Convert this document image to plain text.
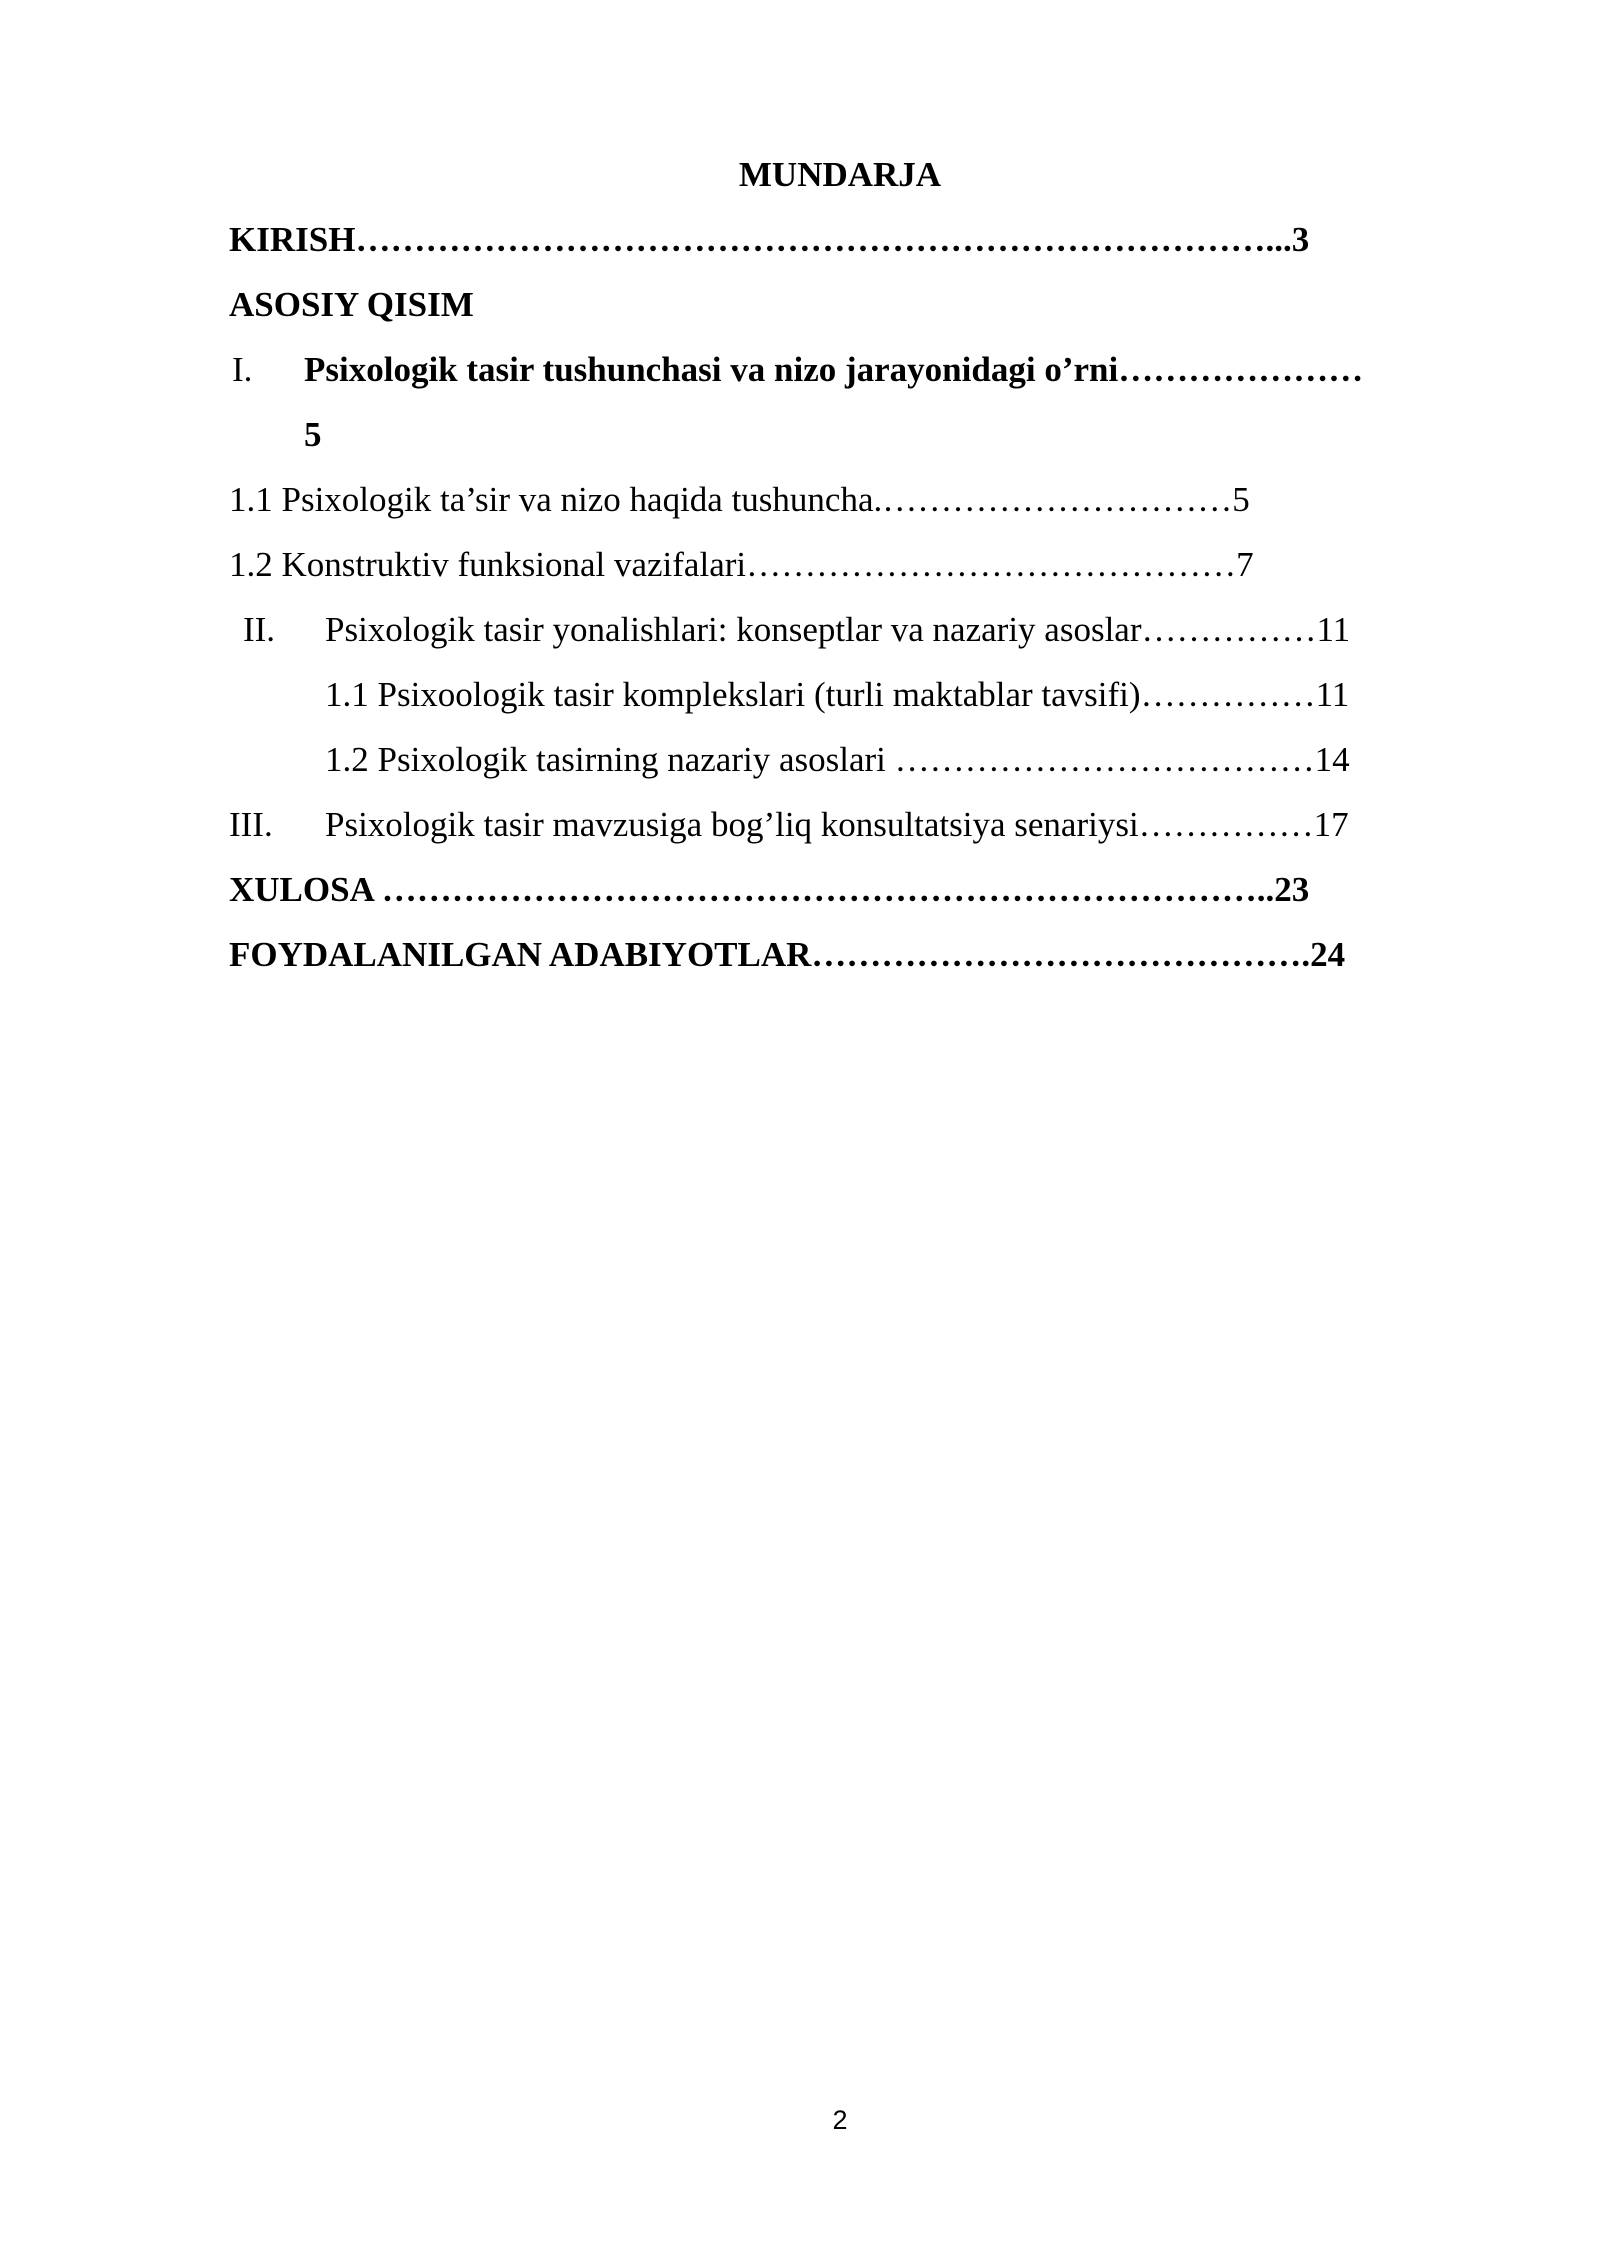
MUNDARJA
KIRISH……………………………………………………………………...3
ASOSIY QISIM
I. Psixologik tasir tushunchasi va nizo jarayonidagi o’rni…………………
5
1.1 Psixologik ta’sir va nizo haqida tushuncha.…………………………5
1.2 Konstruktiv funksional vazifalari……………………………………7
II. Psixologik tasir yonalishlari: konseptlar va nazariy asoslar……………11
1.1 Psixoologik tasir komplekslari (turli maktablar tavsifi)……………11
1.2 Psixologik tasirning nazariy asoslari ………………………………14
III. Psixologik tasir mavzusiga bog’liq konsultatsiya senariysi……………17
XULOSA …………………………………………………………………..23
FOYDALANILGAN ADABIYOTLAR…………………………………….24
2
